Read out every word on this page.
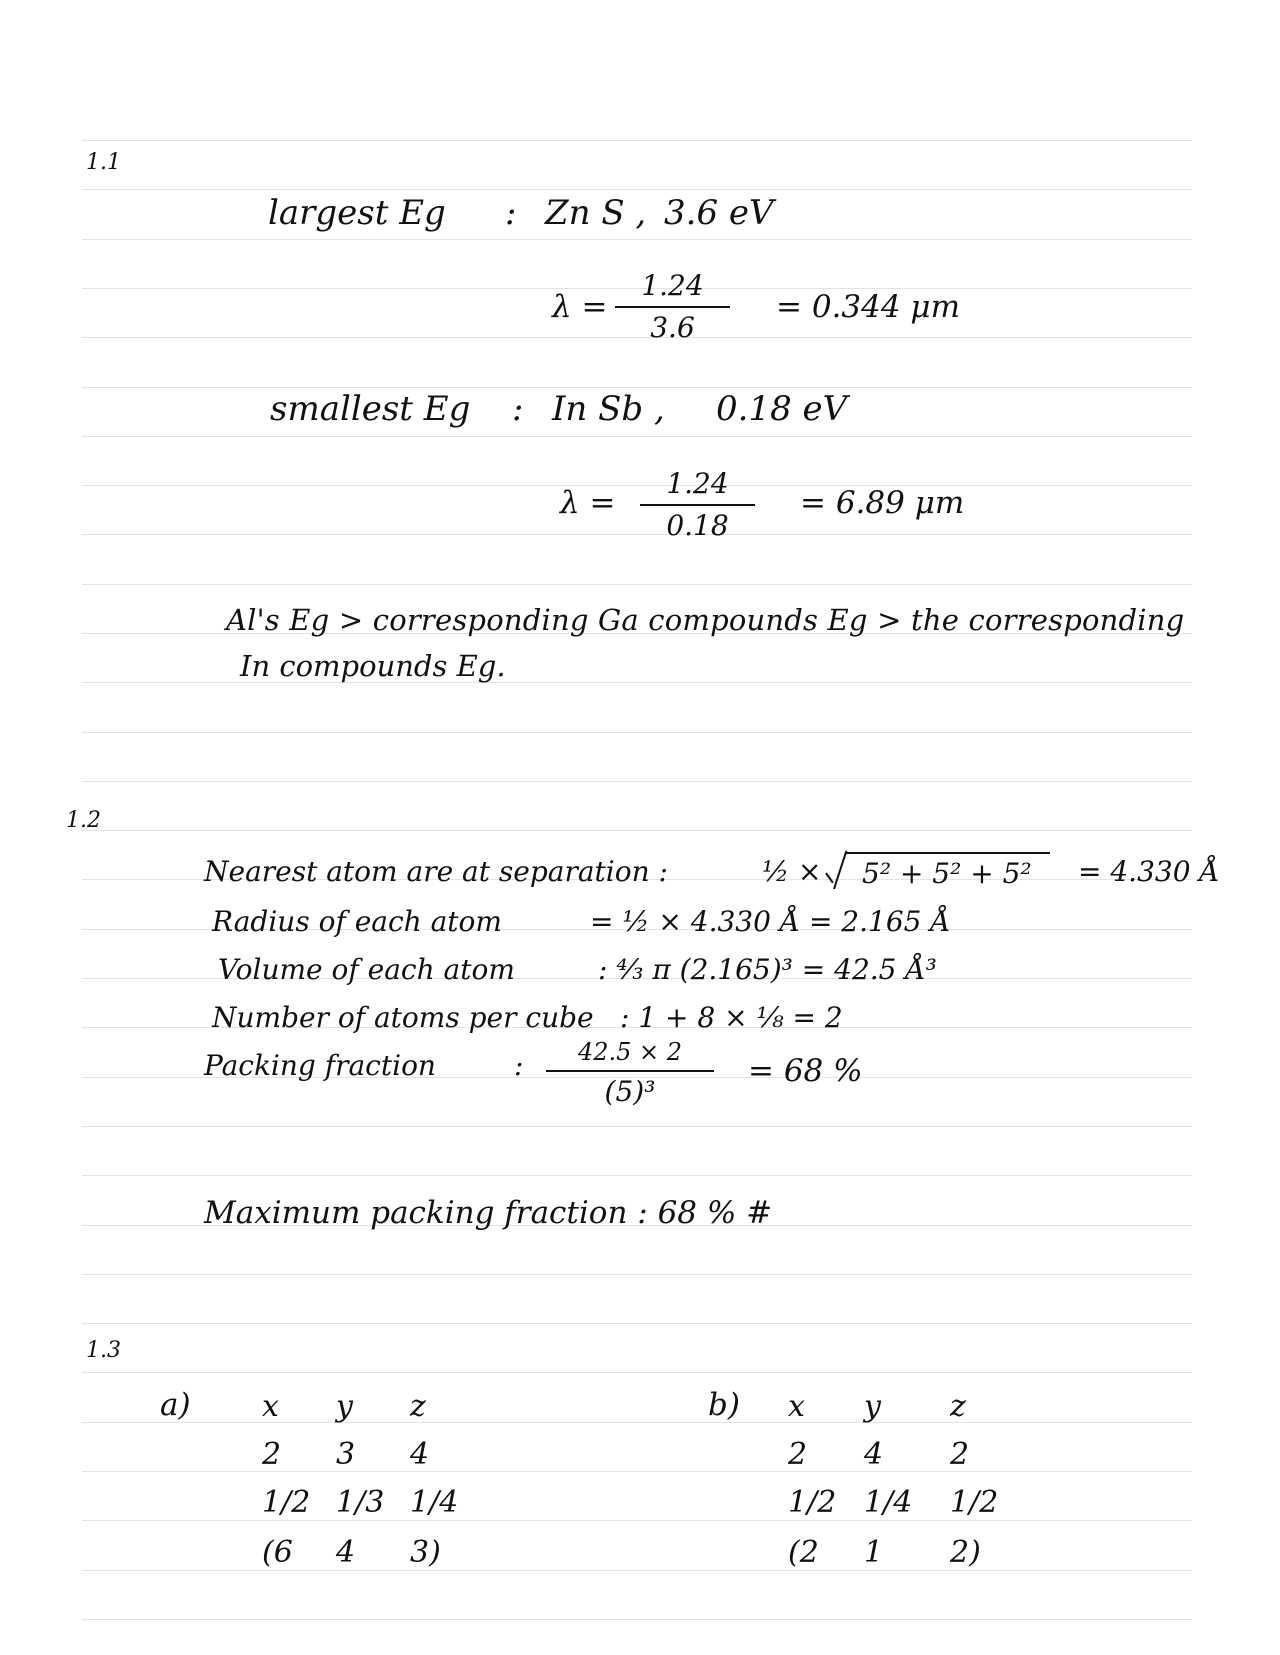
1.1
largest Eg : Zn S , 3.6 eV
λ =
1.24
3.6
= 0.344 μm
smallest Eg : In Sb , 0.18 eV
λ =
1.24
0.18
= 6.89 μm
Al's Eg > corresponding Ga compounds Eg > the corresponding
In compounds Eg.
1.2
Nearest atom are at separation :	½ × 5² + 5² + 5² = 4.330 Å
Radius of each atom	= ½ × 4.330 Å = 2.165 Å
Volume of each atom	: ⁴⁄₃ π (2.165)³ = 42.5 Å³
Number of atoms per cube : 1 + 8 × ⅛ = 2
Packing fraction	:	42.5 × 2
(5)³
= 68 %
Maximum packing fraction : 68 % #
1.3
a) x y z
2 3 4
1/2 1/3 1/4
(6 4 3)
b) x y z
2 4 2
1/2 1/4 1/2
(2 1 2)
